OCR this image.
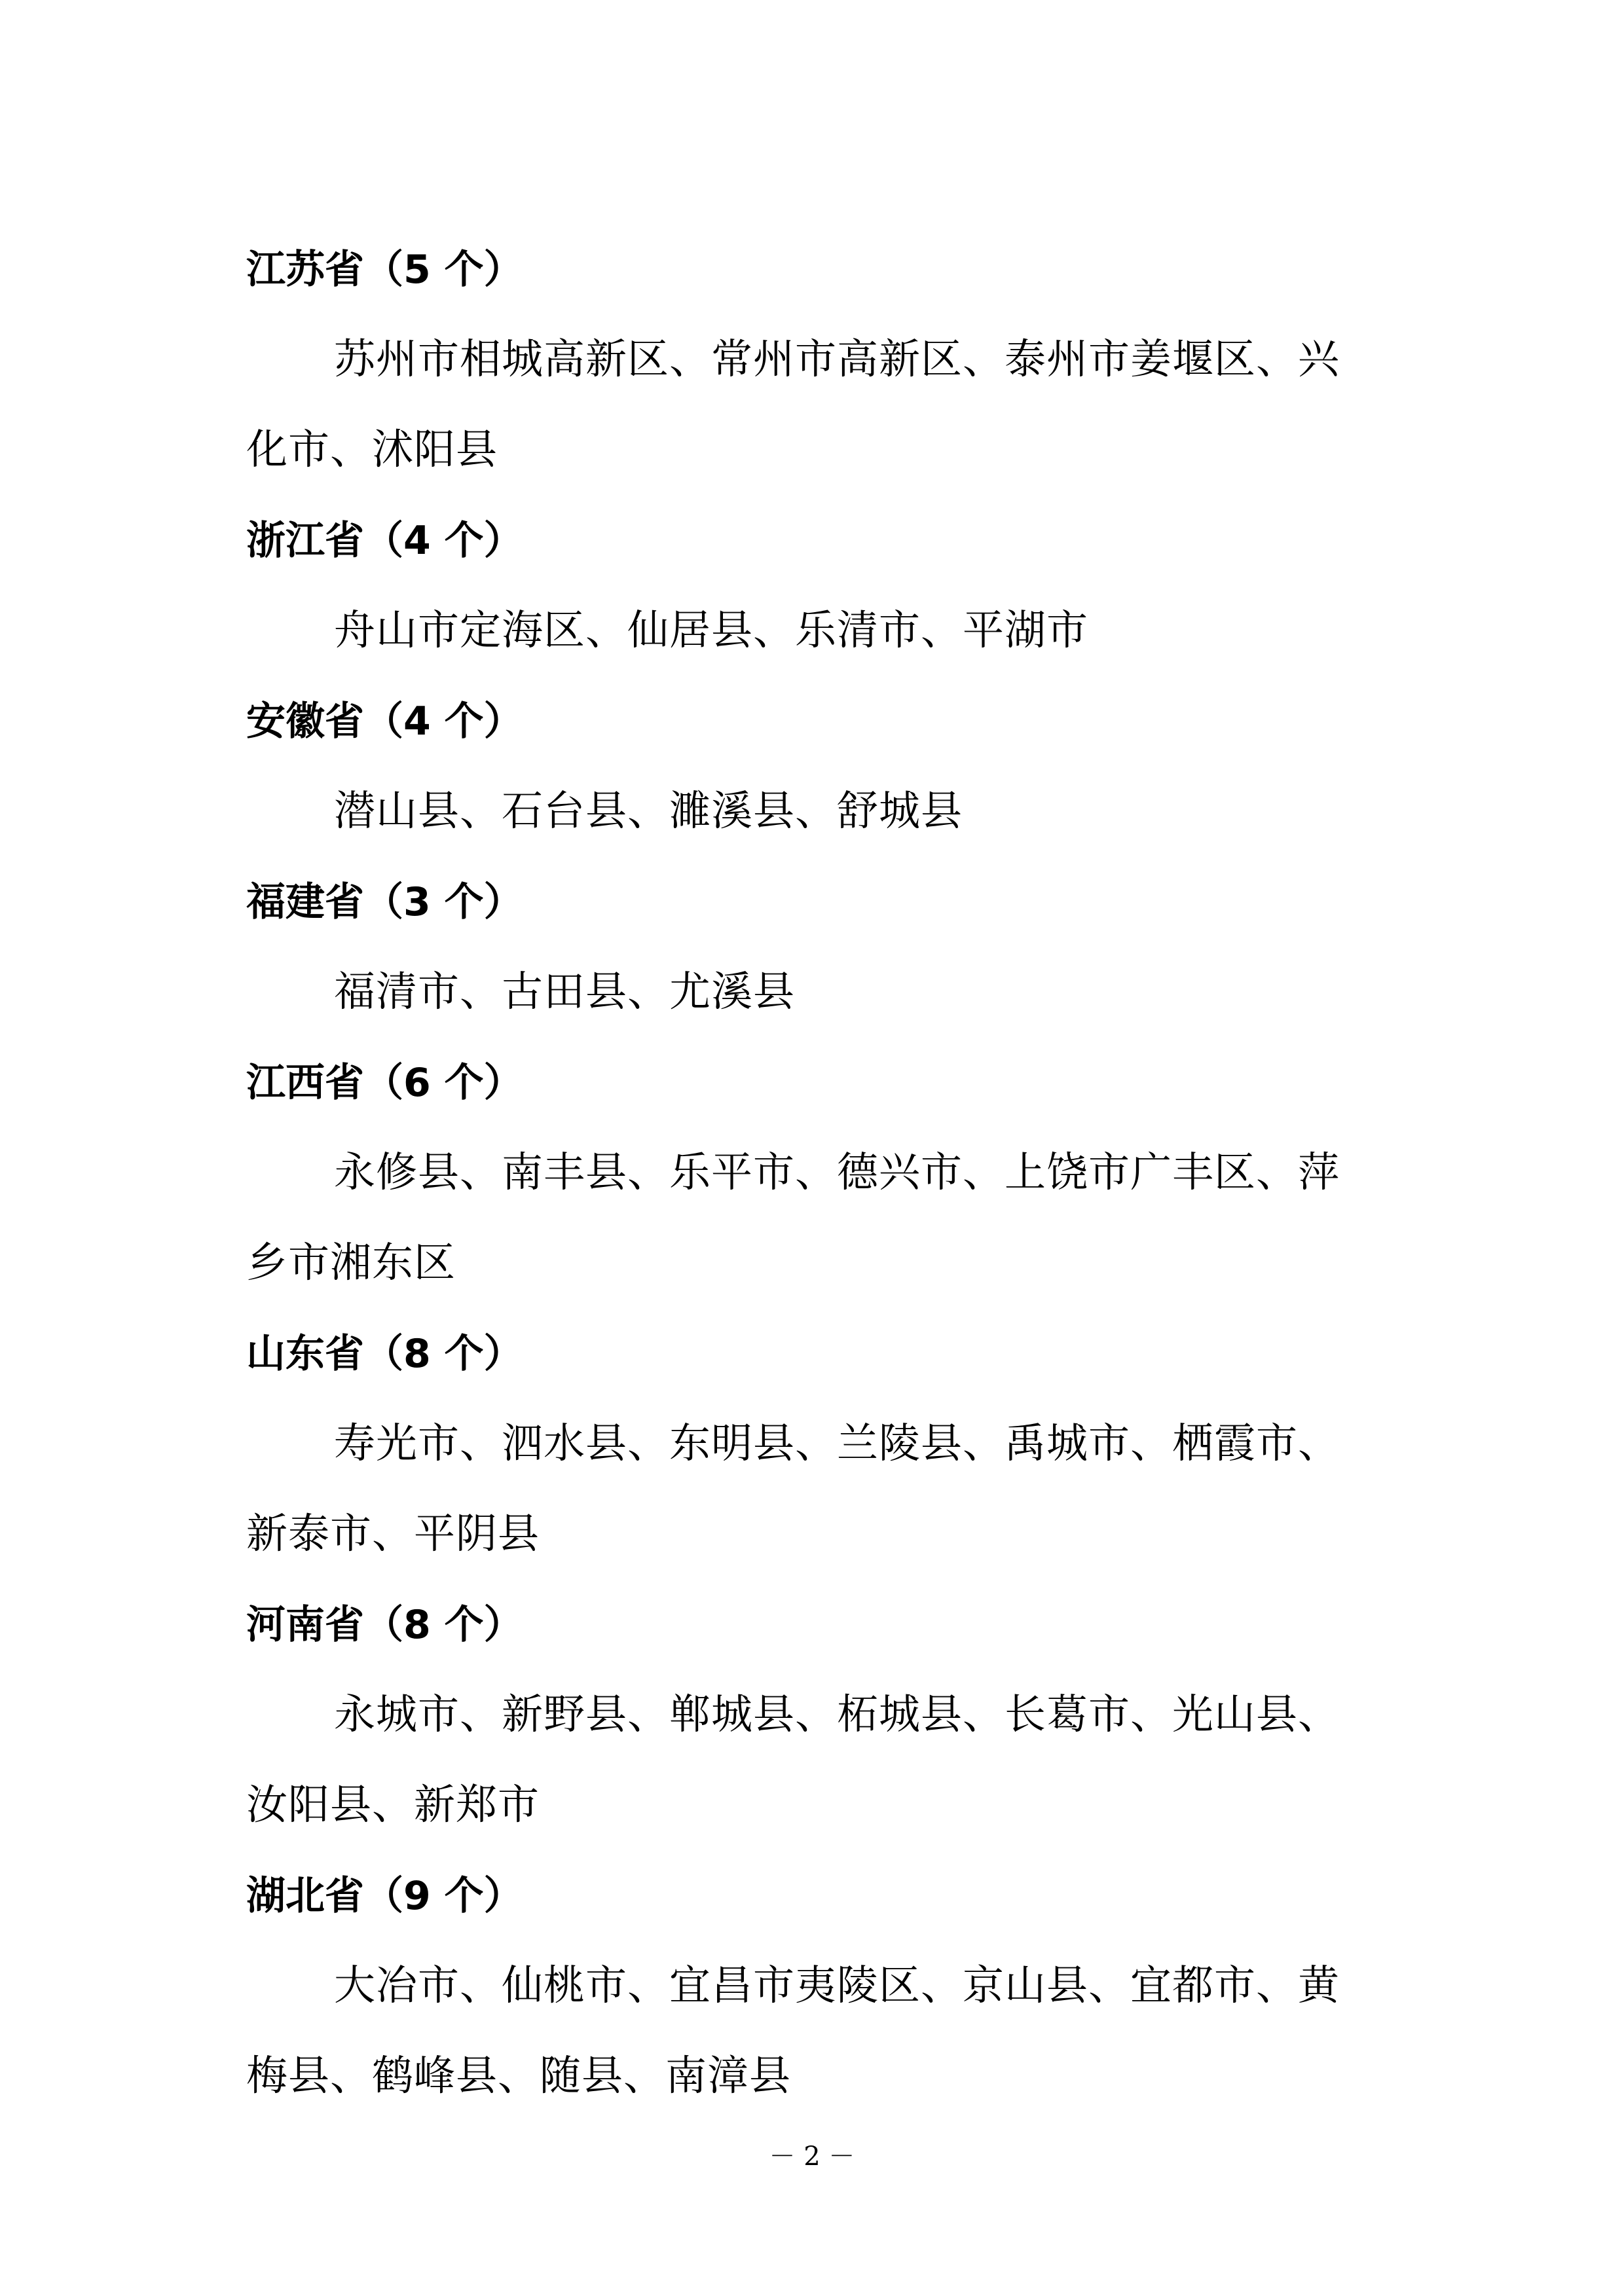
江苏省（5 个）

苏州市相城高新区、常州市高新区、泰州市姜堰区、兴化市、沭阳县

浙江省（4 个）

舟山市定海区、仙居县、乐清市、平湖市

安徽省（4 个）

潜山县、石台县、濉溪县、舒城县

福建省（3 个）

福清市、古田县、尤溪县

江西省（6 个）

永修县、南丰县、乐平市、德兴市、上饶市广丰区、萍乡市湘东区

山东省（8 个）

寿光市、泗水县、东明县、兰陵县、禹城市、栖霞市、新泰市、平阴县

河南省（8 个）

永城市、新野县、郸城县、柘城县、长葛市、光山县、汝阳县、新郑市

湖北省（9 个）

大冶市、仙桃市、宜昌市夷陵区、京山县、宜都市、黄梅县、鹤峰县、随县、南漳县

－ 2 －
